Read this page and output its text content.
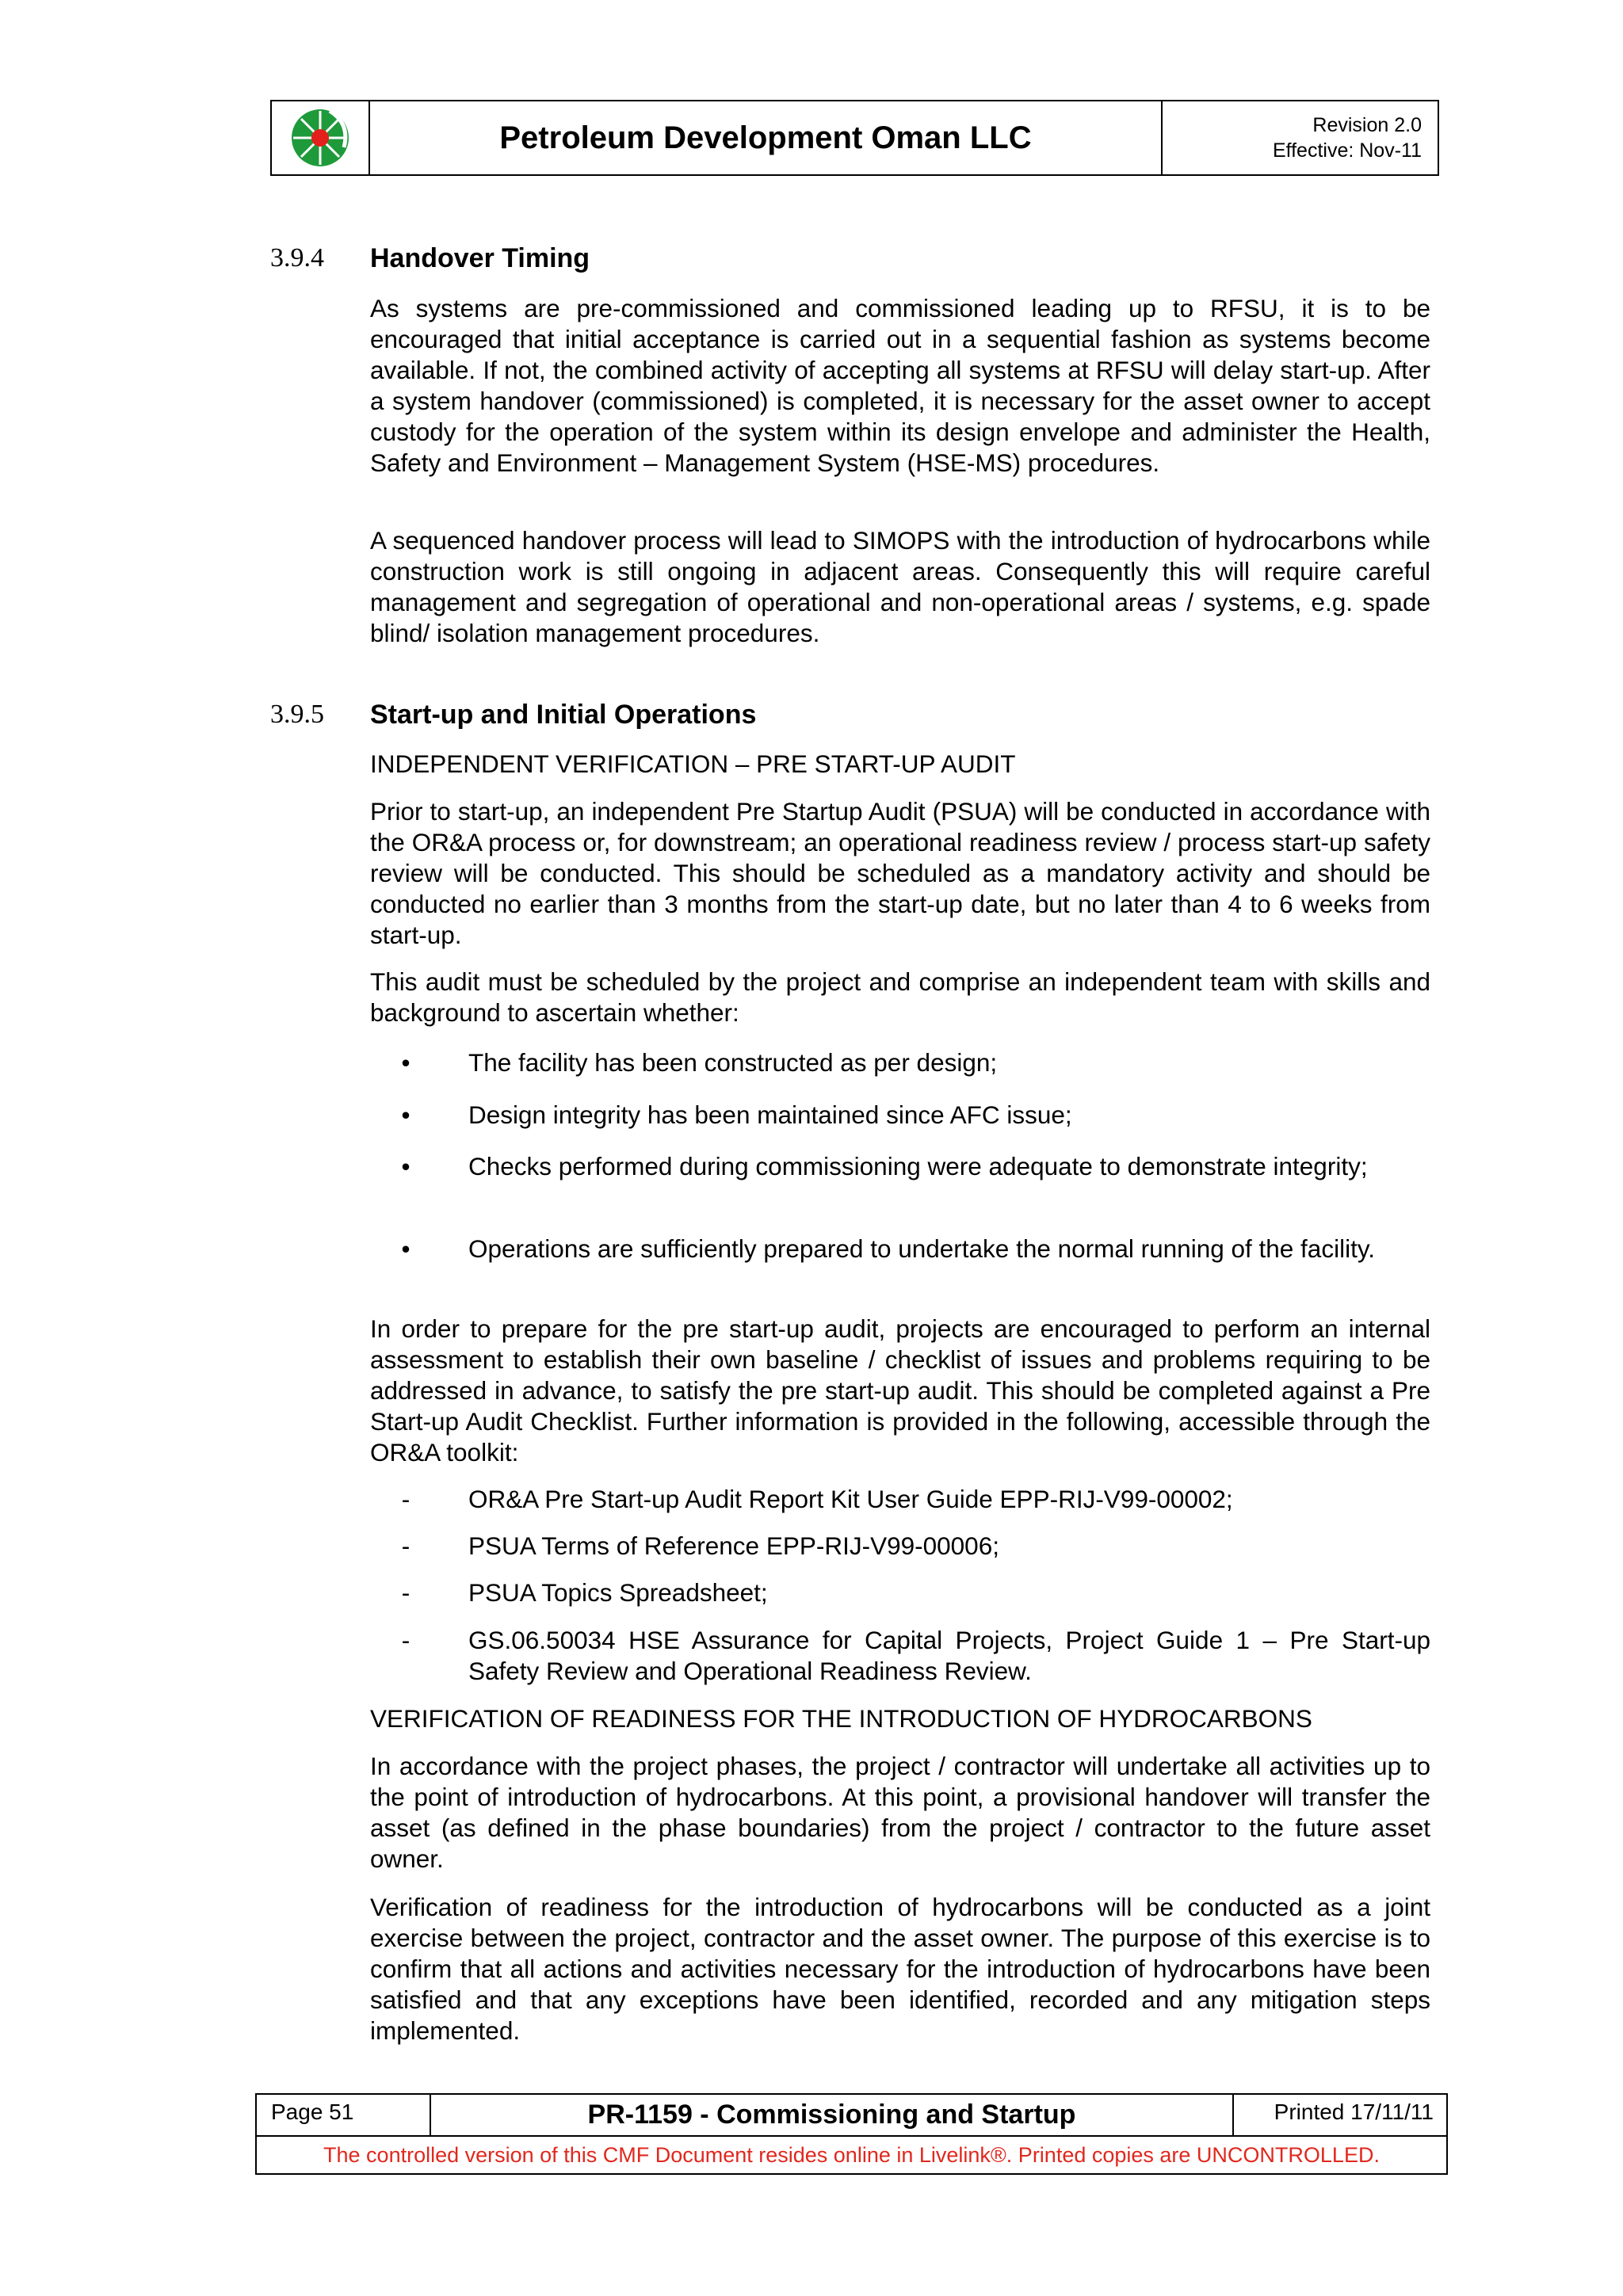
Petroleum Development Oman LLC	Revision 2.0
Effective: Nov-11
3.9.4 Handover Timing
As systems are pre-commissioned and commissioned leading up to RFSU, it is to be encouraged that initial acceptance is carried out in a sequential fashion as systems become available. If not, the combined activity of accepting all systems at RFSU will delay start-up. After a system handover (commissioned) is completed, it is necessary for the asset owner to accept custody for the operation of the system within its design envelope and administer the Health, Safety and Environment – Management System (HSE-MS) procedures.
A sequenced handover process will lead to SIMOPS with the introduction of hydrocarbons while construction work is still ongoing in adjacent areas. Consequently this will require careful management and segregation of operational and non-operational areas / systems, e.g. spade blind/ isolation management procedures.
3.9.5 Start-up and Initial Operations
INDEPENDENT VERIFICATION – PRE START-UP AUDIT
Prior to start-up, an independent Pre Startup Audit (PSUA) will be conducted in accordance with the OR&A process or, for downstream; an operational readiness review / process start-up safety review will be conducted. This should be scheduled as a mandatory activity and should be conducted no earlier than 3 months from the start-up date, but no later than 4 to 6 weeks from start-up.
This audit must be scheduled by the project and comprise an independent team with skills and background to ascertain whether:
•	The facility has been constructed as per design;
•	Design integrity has been maintained since AFC issue;
•	Checks performed during commissioning were adequate to demonstrate integrity;
•	Operations are sufficiently prepared to undertake the normal running of the facility.
In order to prepare for the pre start-up audit, projects are encouraged to perform an internal assessment to establish their own baseline / checklist of issues and problems requiring to be addressed in advance, to satisfy the pre start-up audit. This should be completed against a Pre Start-up Audit Checklist. Further information is provided in the following, accessible through the OR&A toolkit:
-	OR&A Pre Start-up Audit Report Kit User Guide EPP-RIJ-V99-00002;
-	PSUA Terms of Reference EPP-RIJ-V99-00006;
-	PSUA Topics Spreadsheet;
-	GS.06.50034 HSE Assurance for Capital Projects, Project Guide 1 – Pre Start-up Safety Review and Operational Readiness Review.
VERIFICATION OF READINESS FOR THE INTRODUCTION OF HYDROCARBONS
In accordance with the project phases, the project / contractor will undertake all activities up to the point of introduction of hydrocarbons. At this point, a provisional handover will transfer the asset (as defined in the phase boundaries) from the project / contractor to the future asset owner.
Verification of readiness for the introduction of hydrocarbons will be conducted as a joint exercise between the project, contractor and the asset owner. The purpose of this exercise is to confirm that all actions and activities necessary for the introduction of hydrocarbons have been satisfied and that any exceptions have been identified, recorded and any mitigation steps implemented.
Page 51	PR-1159 - Commissioning and Startup	Printed 17/11/11
The controlled version of this CMF Document resides online in Livelink®. Printed copies are UNCONTROLLED.
